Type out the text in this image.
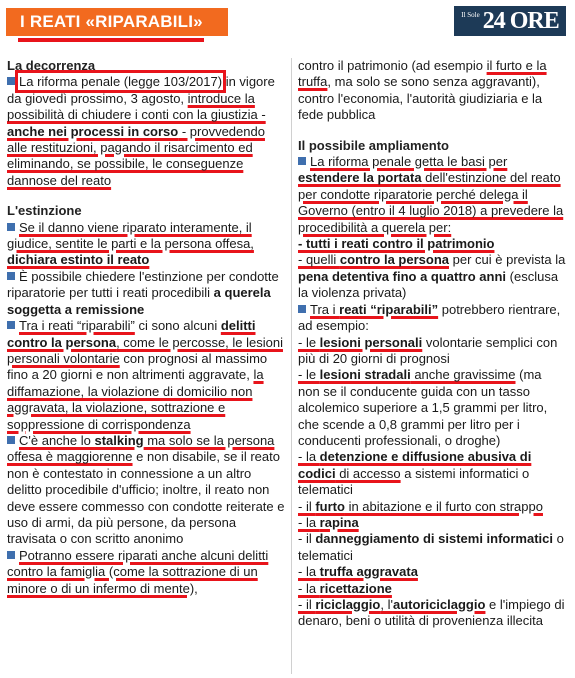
I REATI «RIPARABILI»	Il Sole 24 ORE

La decorrenza

La riforma penale (legge 103/2017) in vigore da giovedì prossimo, 3 agosto, introduce la possibilità di chiudere i conti con la giustizia - anche nei processi in corso - provvedendo alle restituzioni, pagando il risarcimento ed eliminando, se possibile, le conseguenze dannose del reato

L'estinzione

Se il danno viene riparato interamente, il giudice, sentite le parti e la persona offesa, dichiara estinto il reato

È possibile chiedere l'estinzione per condotte riparatorie per tutti i reati procedibili a querela soggetta a remissione

Tra i reati “riparabili” ci sono alcuni delitti contro la persona, come le percosse, le lesioni personali volontarie con prognosi al massimo fino a 20 giorni e non altrimenti aggravate, la diffamazione, la violazione di domicilio non aggravata, la violazione, sottrazione e soppressione di corrispondenza

C'è anche lo stalking ma solo se la persona offesa è maggiorenne e non disabile, se il reato non è contestato in connessione a un altro delitto procedibile d'ufficio; inoltre, il reato non deve essere commesso con condotte reiterate e uso di armi, da più persone, da persona travisata o con scritto anonimo

Potranno essere riparati anche alcuni delitti contro la famiglia (come la sottrazione di un minore o di un infermo di mente),

contro il patrimonio (ad esempio il furto e la truffa, ma solo se sono senza aggravanti), contro l'economia, l'autorità giudiziaria e la fede pubblica

Il possibile ampliamento

La riforma penale getta le basi per estendere la portata dell'estinzione del reato per condotte riparatorie perché delega il Governo (entro il 4 luglio 2018) a prevedere la procedibilità a querela per:

- tutti i reati contro il patrimonio

- quelli contro la persona per cui è prevista la pena detentiva fino a quattro anni (esclusa la violenza privata)

Tra i reati “riparabili” potrebbero rientrare, ad esempio:

- le lesioni personali volontarie semplici con più di 20 giorni di prognosi

- le lesioni stradali anche gravissime (ma non se il conducente guida con un tasso alcolemico superiore a 1,5 grammi per litro, che scende a 0,8 grammi per litro per i conducenti professionali, o droghe)

- la detenzione e diffusione abusiva di codici di accesso a sistemi informatici o telematici

- il furto in abitazione e il furto con strappo

- la rapina

- il danneggiamento di sistemi informatici o telematici

- la truffa aggravata

- la ricettazione

- il riciclaggio, l'autoriciclaggio e l'impiego di denaro, beni o utilità di provenienza illecita
